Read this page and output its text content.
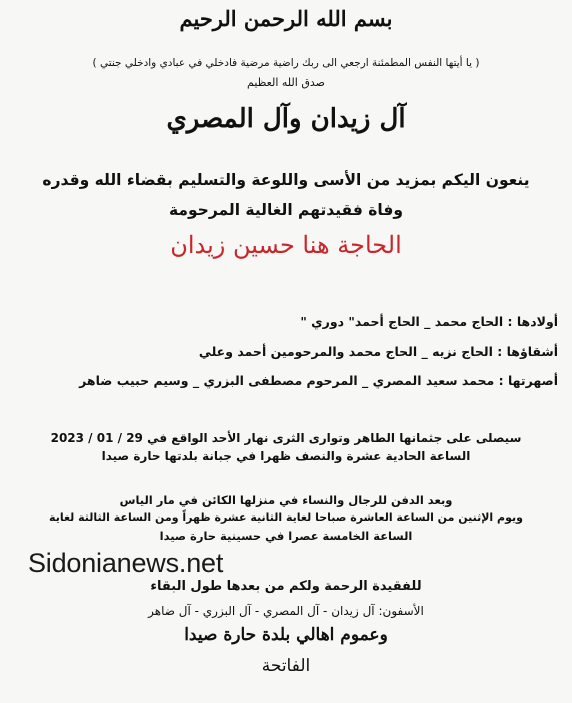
بسم الله الرحمن الرحيم
( يا أيتها النفس المطمئنة ارجعي الى ربك راضية مرضية فادخلي في عبادي وادخلي جنتي )
صدق الله العظيم
آل زيدان وآل المصري
ينعون اليكم بمزيد من الأسى واللوعة والتسليم بقضاء الله وقدره
وفاة فقيدتهم الغالية المرحومة
الحاجة هنا حسين زيدان
أولادها : الحاج محمد _ الحاج أحمد" دوري "
أشقاؤها : الحاج نزيه _ الحاج محمد والمرحومين أحمد وعلي
أصهرتها : محمد سعيد المصري _ المرحوم مصطفى البزري _ وسيم حبيب ضاهر
سيصلى على جثمانها الطاهر وتوارى الثرى نهار الأحد الواقع في 29 / 01 / 2023
الساعة الحادية عشرة والنصف ظهرا في جبانة بلدتها حارة صيدا
وبعد الدفن للرجال والنساء في منزلها الكائن في مار الياس
ويوم الإثنين من الساعة العاشرة صباحا لغاية الثانية عشرة ظهراً ومن الساعة الثالثة لغاية
الساعة الخامسة عصرا في حسينية حارة صيدا
Sidonianews.net
للفقيدة الرحمة ولكم من بعدها طول البقاء
الأسفون: آل زيدان - آل المصري - آل البزري - آل ضاهر
وعموم اهالي بلدة حارة صيدا
الفاتحة
